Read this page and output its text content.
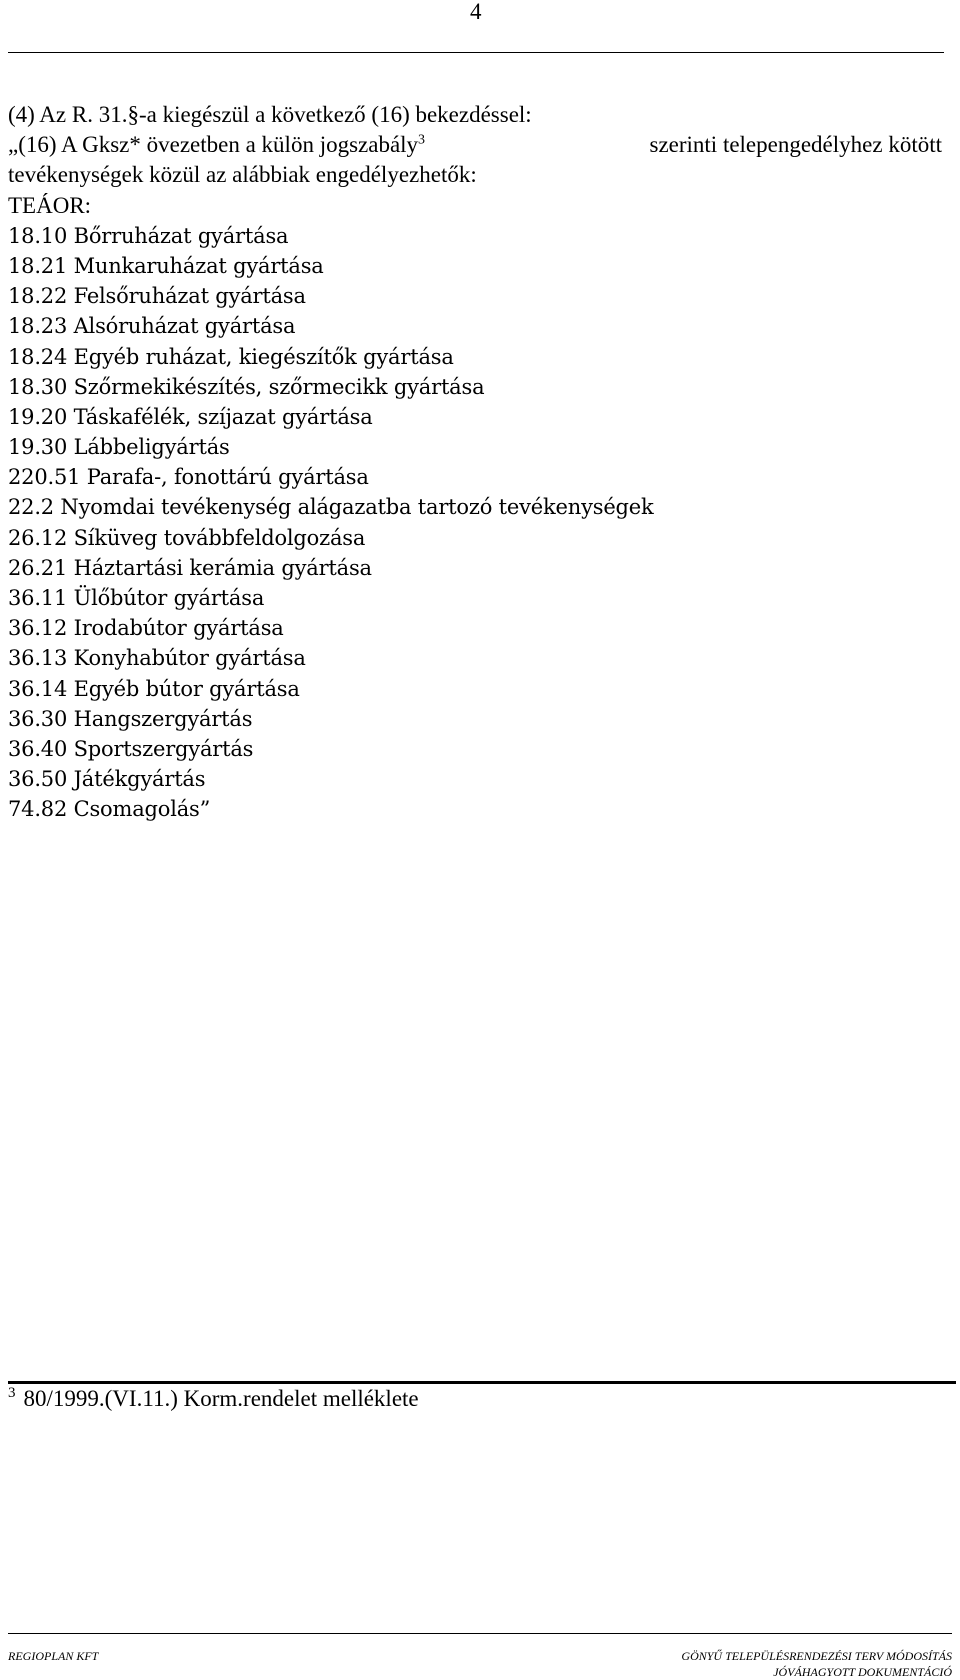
4
(4) Az R. 31.§-a kiegészül a következő (16) bekezdéssel:
„(16) A Gksz* övezetben a külön jogszabály$^3$	szerinti telepengedélyhez kötött
tevékenységek közül az alábbiak engedélyezhetők:
TEÁOR:
18.10 Bőrruházat gyártása
18.21 Munkaruházat gyártása
18.22 Felsőruházat gyártása
18.23 Alsóruházat gyártása
18.24 Egyéb ruházat, kiegészítők gyártása
18.30 Szőrmekikészítés, szőrmecikk gyártása
19.20 Táskafélék, szíjazat gyártása
19.30 Lábbeligyártás
220.51 Parafa-, fonottárú gyártása
22.2 Nyomdai tevékenység alágazatba tartozó tevékenységek
26.12 Síküveg továbbfeldolgozása
26.21 Háztartási kerámia gyártása
36.11 Ülőbútor gyártása
36.12 Irodabútor gyártása
36.13 Konyhabútor gyártása
36.14 Egyéb bútor gyártása
36.30 Hangszergyártás
36.40 Sportszergyártás
36.50 Játékgyártás
74.82 Csomagolás”
$^3$ 80/1999.(VI.11.) Korm.rendelet melléklete
REGIOPLAN KFT	GÖNYŰ TELEPÜLÉSRENDEZÉSI TERV MÓDOSÍTÁS
JÓVÁHAGYOTT DOKUMENTÁCIÓ
